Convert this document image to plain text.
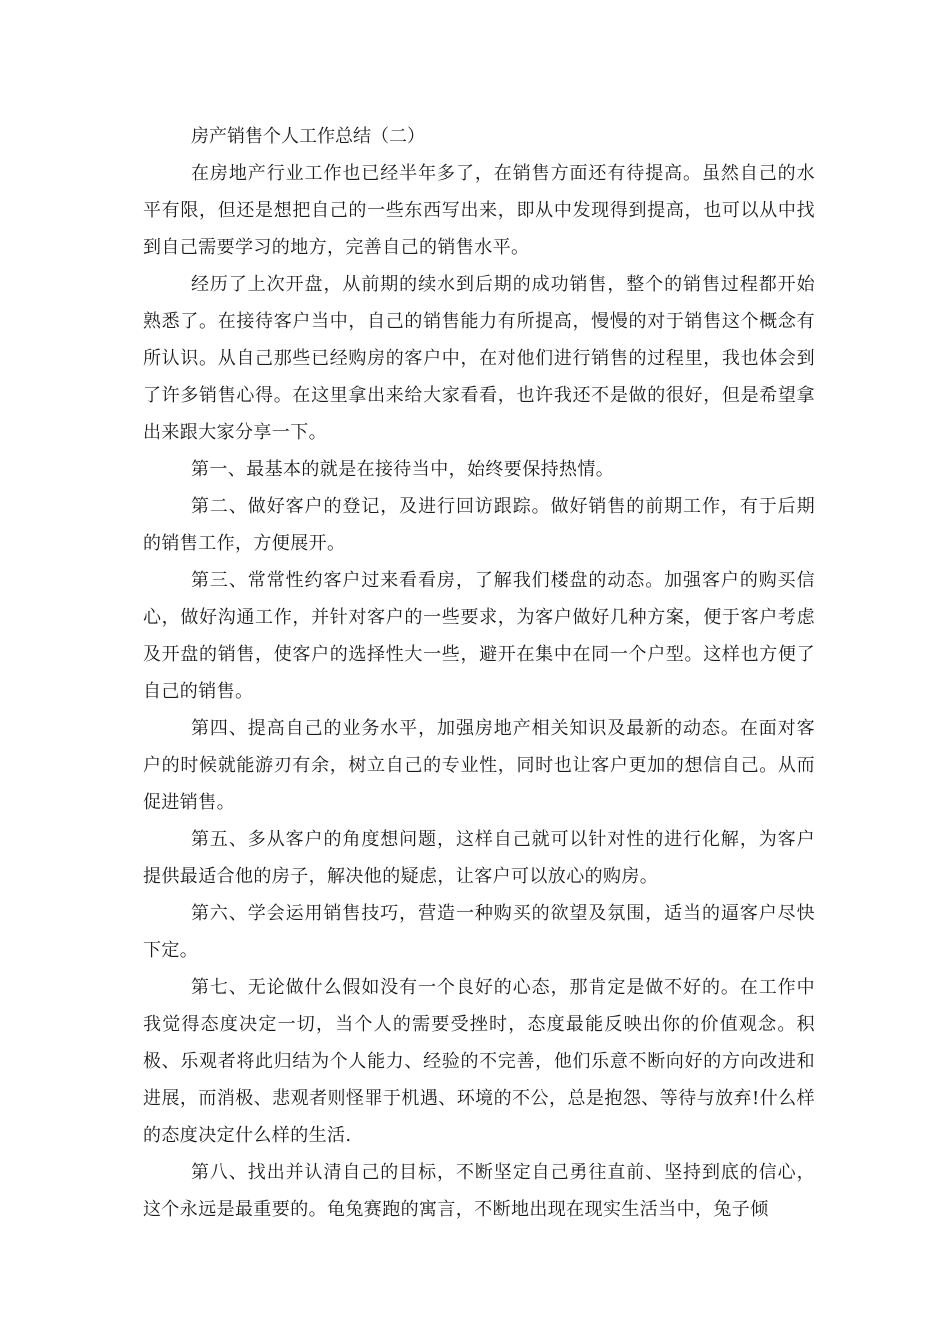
房产销售个人工作总结（二）

在房地产行业工作也已经半年多了，在销售方面还有待提高。虽然自己的水平有限，但还是想把自己的一些东西写出来，即从中发现得到提高，也可以从中找到自己需要学习的地方，完善自己的销售水平。

经历了上次开盘，从前期的续水到后期的成功销售，整个的销售过程都开始熟悉了。在接待客户当中，自己的销售能力有所提高，慢慢的对于销售这个概念有所认识。从自己那些已经购房的客户中，在对他们进行销售的过程里，我也体会到了许多销售心得。在这里拿出来给大家看看，也许我还不是做的很好，但是希望拿出来跟大家分享一下。

第一、最基本的就是在接待当中，始终要保持热情。

第二、做好客户的登记，及进行回访跟踪。做好销售的前期工作，有于后期的销售工作，方便展开。

第三、常常性约客户过来看看房，了解我们楼盘的动态。加强客户的购买信心，做好沟通工作，并针对客户的一些要求，为客户做好几种方案，便于客户考虑及开盘的销售，使客户的选择性大一些，避开在集中在同一个户型。这样也方便了自己的销售。

第四、提高自己的业务水平，加强房地产相关知识及最新的动态。在面对客户的时候就能游刃有余，树立自己的专业性，同时也让客户更加的想信自己。从而促进销售。

第五、多从客户的角度想问题，这样自己就可以针对性的进行化解，为客户提供最适合他的房子，解决他的疑虑，让客户可以放心的购房。

第六、学会运用销售技巧，营造一种购买的欲望及氛围，适当的逼客户尽快下定。

第七、无论做什么假如没有一个良好的心态，那肯定是做不好的。在工作中我觉得态度决定一切，当个人的需要受挫时，态度最能反映出你的价值观念。积极、乐观者将此归结为个人能力、经验的不完善，他们乐意不断向好的方向改进和进展，而消极、悲观者则怪罪于机遇、环境的不公，总是抱怨、等待与放弃!什么样的态度决定什么样的生活.

第八、找出并认清自己的目标，不断坚定自己勇往直前、坚持到底的信心，这个永远是最重要的。龟兔赛跑的寓言，不断地出现在现实生活当中，兔子倾
